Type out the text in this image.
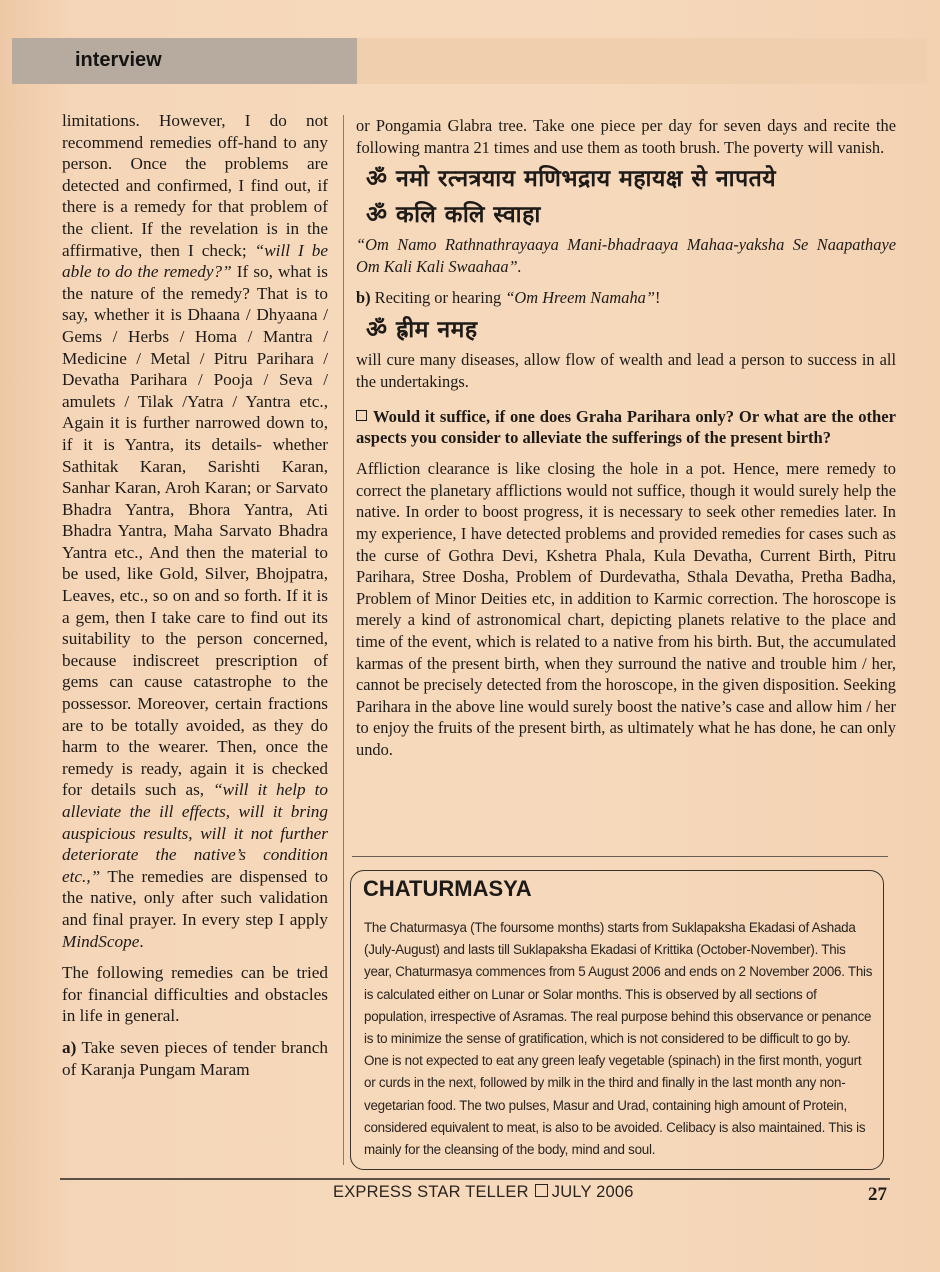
interview

limitations. However, I do not recommend remedies off-hand to any person. Once the problems are detected and confirmed, I find out, if there is a remedy for that problem of the client. If the revelation is in the affirmative, then I check; “will I be able to do the remedy?” If so, what is the nature of the remedy? That is to say, whether it is Dhaana / Dhyaana / Gems / Herbs / Homa / Mantra / Medicine / Metal / Pitru Parihara / Devatha Parihara / Pooja / Seva / amulets / Tilak /Yatra / Yantra etc., Again it is further narrowed down to, if it is Yantra, its details- whether Sathitak Karan, Sarishti Karan, Sanhar Karan, Aroh Karan; or Sarvato Bhadra Yantra, Bhora Yantra, Ati Bhadra Yantra, Maha Sarvato Bhadra Yantra etc., And then the material to be used, like Gold, Silver, Bhojpatra, Leaves, etc., so on and so forth. If it is a gem, then I take care to find out its suitability to the person concerned, because indiscreet prescription of gems can cause catastrophe to the possessor. Moreover, certain fractions are to be totally avoided, as they do harm to the wearer. Then, once the remedy is ready, again it is checked for details such as, “will it help to alleviate the ill effects, will it bring auspicious results, will it not further deteriorate the native’s condition etc.,” The remedies are dispensed to the native, only after such validation and final prayer. In every step I apply MindScope.

The following remedies can be tried for financial difficulties and obstacles in life in general.

a) Take seven pieces of tender branch of Karanja Pungam Maram

or Pongamia Glabra tree. Take one piece per day for seven days and recite the following mantra 21 times and use them as tooth brush. The poverty will vanish.

ॐ नमो रत्नत्रयाय मणिभद्राय महायक्ष से नापतये

ॐ कलि कलि स्वाहा

“Om Namo Rathnathrayaaya Mani-bhadraaya Mahaa-yaksha Se Naapathaye Om Kali Kali Swaahaa”.

b) Reciting or hearing “Om Hreem Namaha”!

ॐ ह्रीम नमह

will cure many diseases, allow flow of wealth and lead a person to success in all the undertakings.

Would it suffice, if one does Graha Parihara only? Or what are the other aspects you consider to alleviate the sufferings of the present birth?

Affliction clearance is like closing the hole in a pot. Hence, mere remedy to correct the planetary afflictions would not suffice, though it would surely help the native. In order to boost progress, it is necessary to seek other remedies later. In my experience, I have detected problems and provided remedies for cases such as the curse of Gothra Devi, Kshetra Phala, Kula Devatha, Current Birth, Pitru Parihara, Stree Dosha, Problem of Durdevatha, Sthala Devatha, Pretha Badha, Problem of Minor Deities etc, in addition to Karmic correction. The horoscope is merely a kind of astronomical chart, depicting planets relative to the place and time of the event, which is related to a native from his birth. But, the accumulated karmas of the present birth, when they surround the native and trouble him / her, cannot be precisely detected from the horoscope, in the given disposition. Seeking Parihara in the above line would surely boost the native’s case and allow him / her to enjoy the fruits of the present birth, as ultimately what he has done, he can only undo.

CHATURMASYA
The Chaturmasya (The foursome months) starts from Suklapaksha Ekadasi of Ashada (July-August) and lasts till Suklapaksha Ekadasi of Krittika (October-November). This year, Chaturmasya commences from 5 August 2006 and ends on 2 November 2006. This is calculated either on Lunar or Solar months. This is observed by all sections of population, irrespective of Asramas. The real purpose behind this observance or penance is to minimize the sense of gratification, which is not considered to be difficult to go by. One is not expected to eat any green leafy vegetable (spinach) in the first month, yogurt or curds in the next, followed by milk in the third and finally in the last month any non-vegetarian food. The two pulses, Masur and Urad, containing high amount of Protein, considered equivalent to meat, is also to be avoided. Celibacy is also maintained. This is mainly for the cleansing of the body, mind and soul.
EXPRESS STAR TELLER JULY 2006	27
